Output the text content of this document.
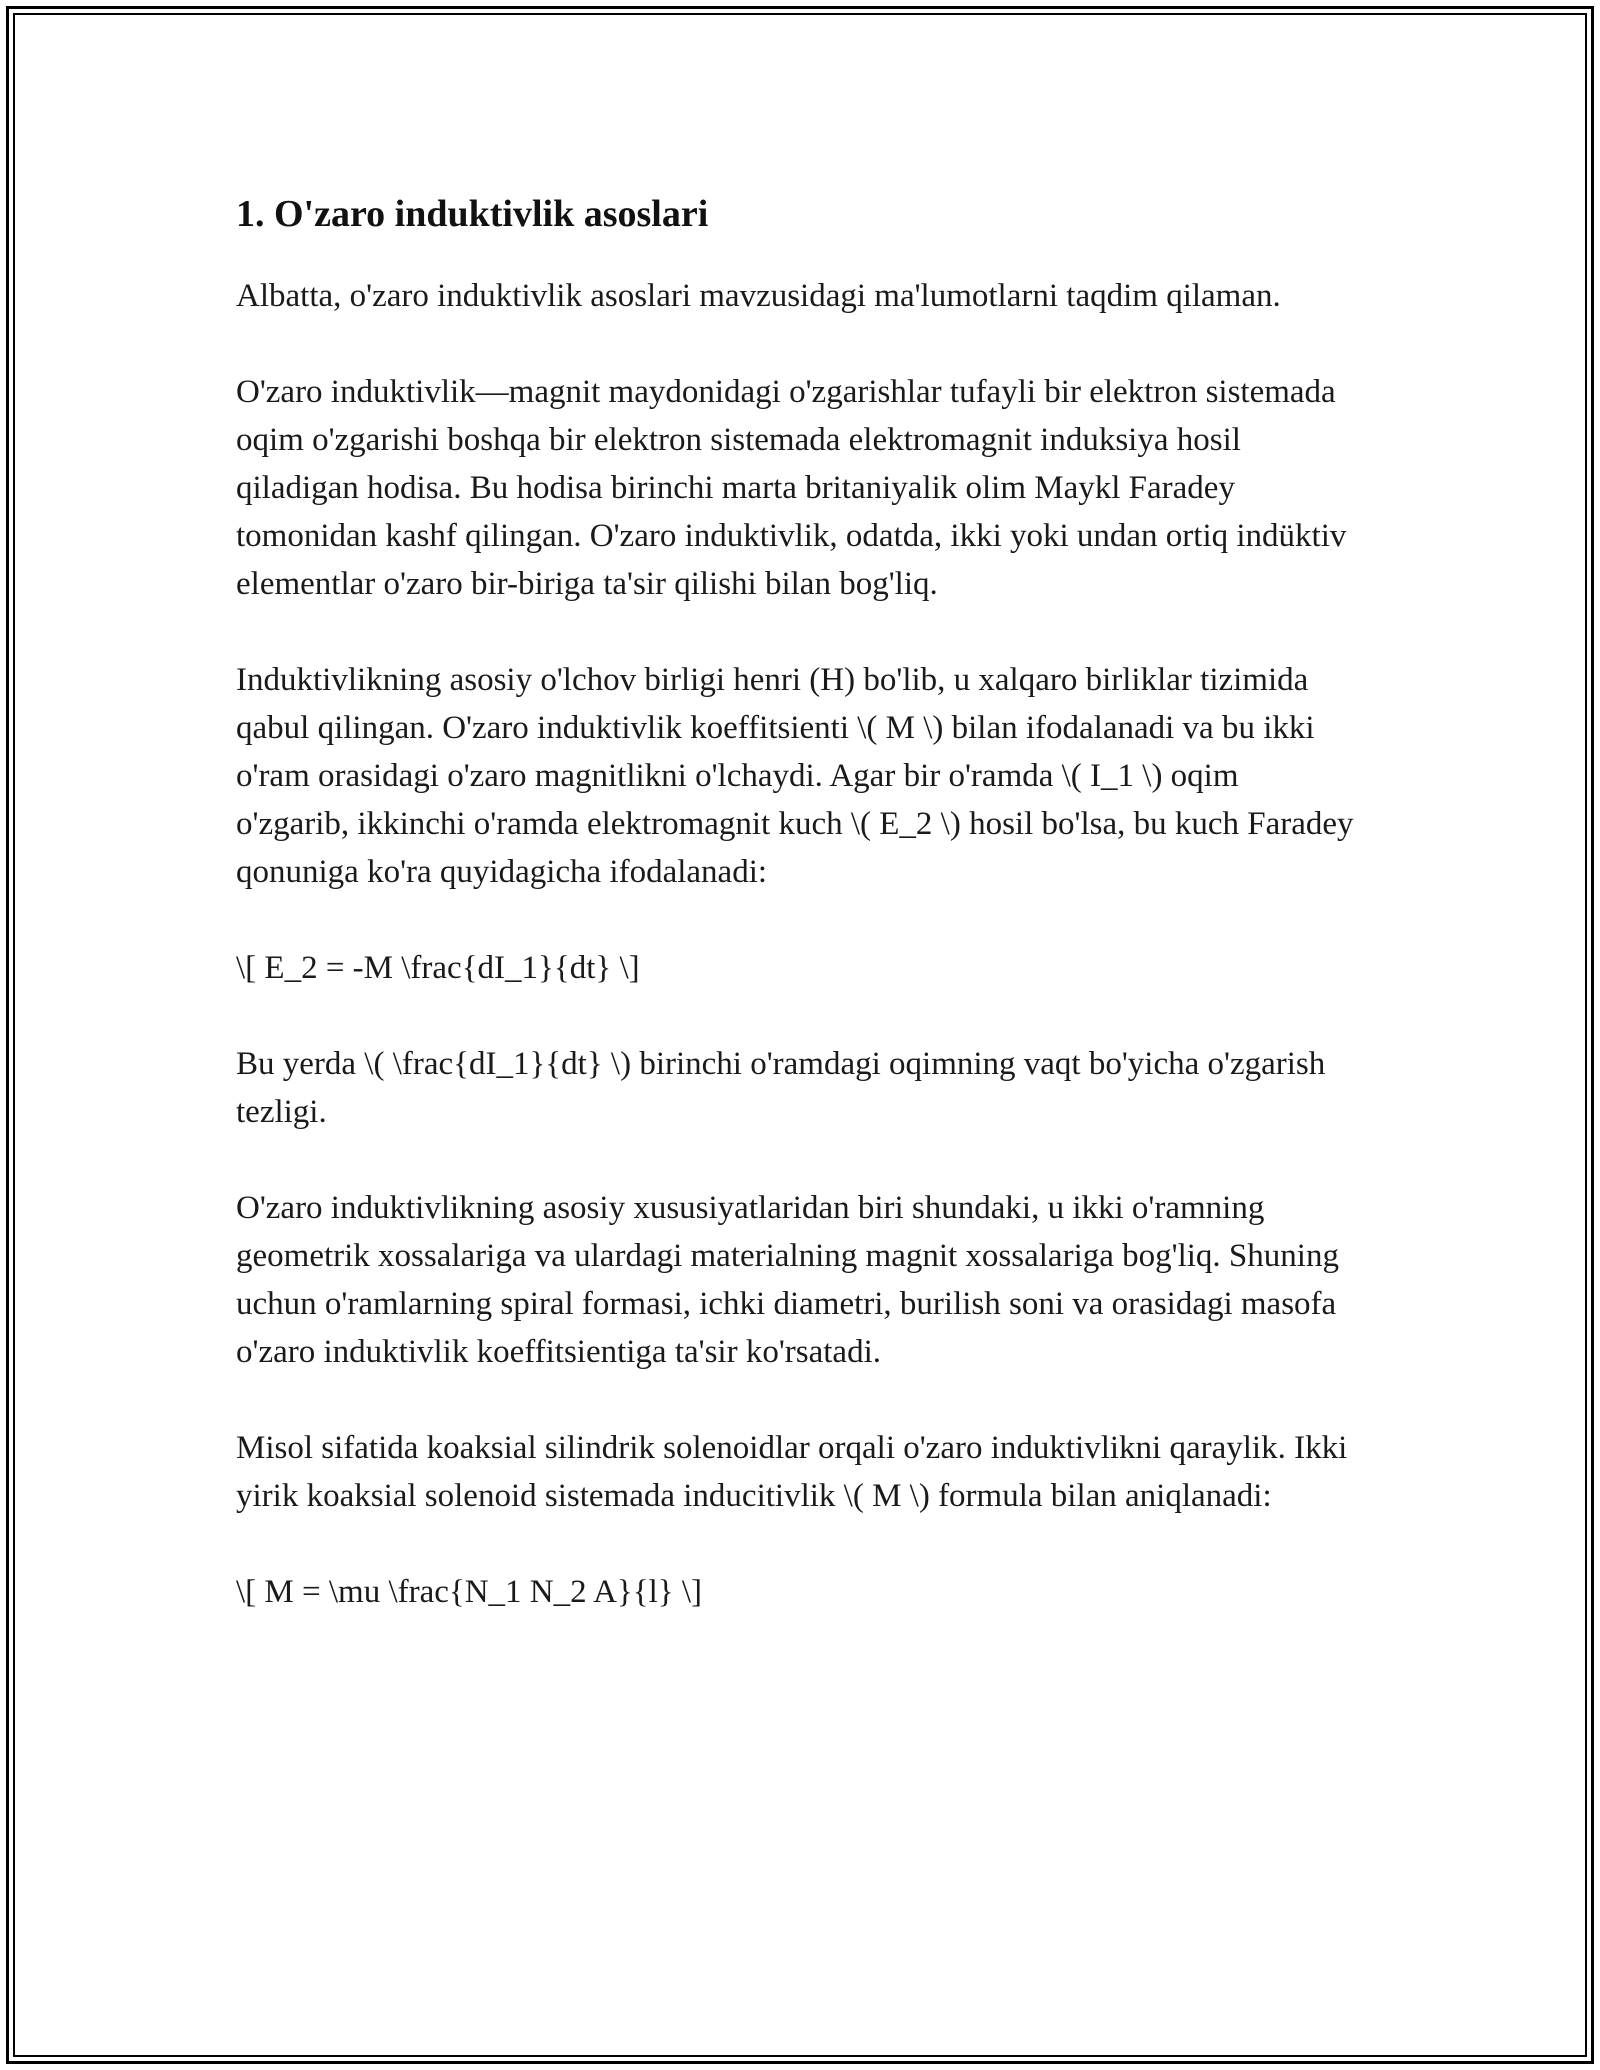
1. O'zaro induktivlik asoslari

Albatta, o'zaro induktivlik asoslari mavzusidagi ma'lumotlarni taqdim qilaman.

O'zaro induktivlik—magnit maydonidagi o'zgarishlar tufayli bir elektron sistemada oqim o'zgarishi boshqa bir elektron sistemada elektromagnit induksiya hosil qiladigan hodisa. Bu hodisa birinchi marta britaniyalik olim Maykl Faradey tomonidan kashf qilingan. O'zaro induktivlik, odatda, ikki yoki undan ortiq indüktiv elementlar o'zaro bir-biriga ta'sir qilishi bilan bog'liq.

Induktivlikning asosiy o'lchov birligi henri (H) bo'lib, u xalqaro birliklar tizimida qabul qilingan. O'zaro induktivlik koeffitsienti \( M \) bilan ifodalanadi va bu ikki o'ram orasidagi o'zaro magnitlikni o'lchaydi. Agar bir o'ramda \( I_1 \) oqim o'zgarib, ikkinchi o'ramda elektromagnit kuch \( E_2 \) hosil bo'lsa, bu kuch Faradey qonuniga ko'ra quyidagicha ifodalanadi:

\[ E_2 = -M \frac{dI_1}{dt} \]

Bu yerda \( \frac{dI_1}{dt} \) birinchi o'ramdagi oqimning vaqt bo'yicha o'zgarish tezligi.

O'zaro induktivlikning asosiy xususiyatlaridan biri shundaki, u ikki o'ramning geometrik xossalariga va ulardagi materialning magnit xossalariga bog'liq. Shuning uchun o'ramlarning spiral formasi, ichki diametri, burilish soni va orasidagi masofa o'zaro induktivlik koeffitsientiga ta'sir ko'rsatadi.

Misol sifatida koaksial silindrik solenoidlar orqali o'zaro induktivlikni qaraylik. Ikki yirik koaksial solenoid sistemada inducitivlik \( M \) formula bilan aniqlanadi:

\[ M = \mu \frac{N_1 N_2 A}{l} \]
